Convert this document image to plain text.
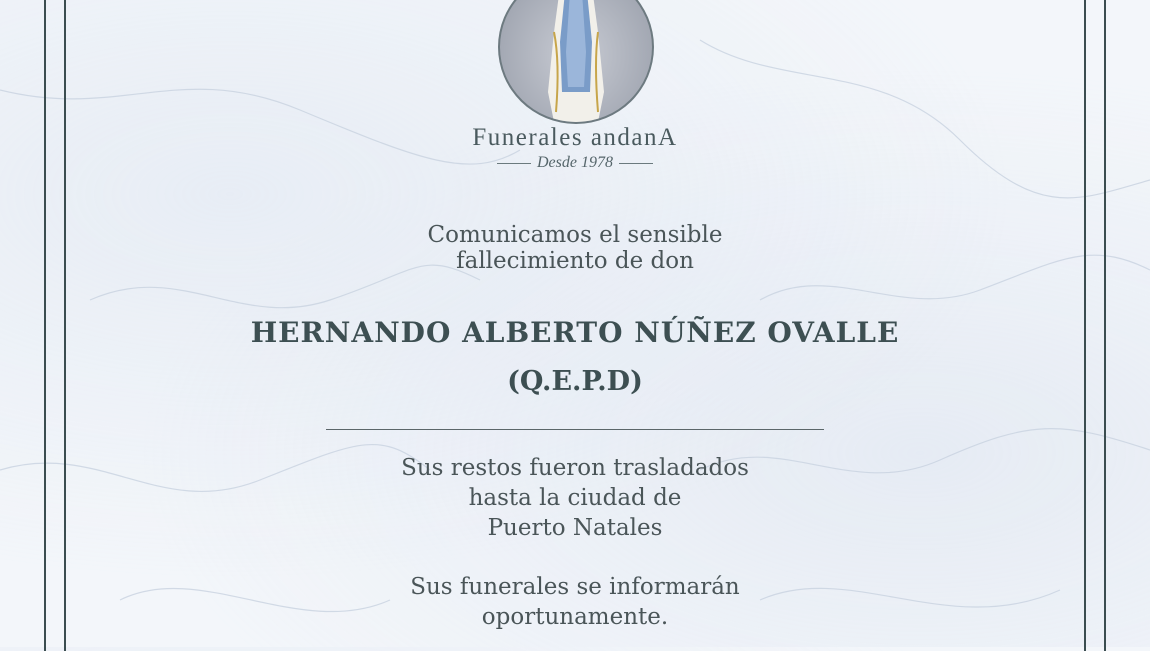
Funerales andanA
Desde 1978
Comunicamos el sensible
fallecimiento de don
HERNANDO ALBERTO NÚÑEZ OVALLE
(Q.E.P.D)
Sus restos fueron trasladados
hasta la ciudad de
Puerto Natales
Sus funerales se informarán
oportunamente.
